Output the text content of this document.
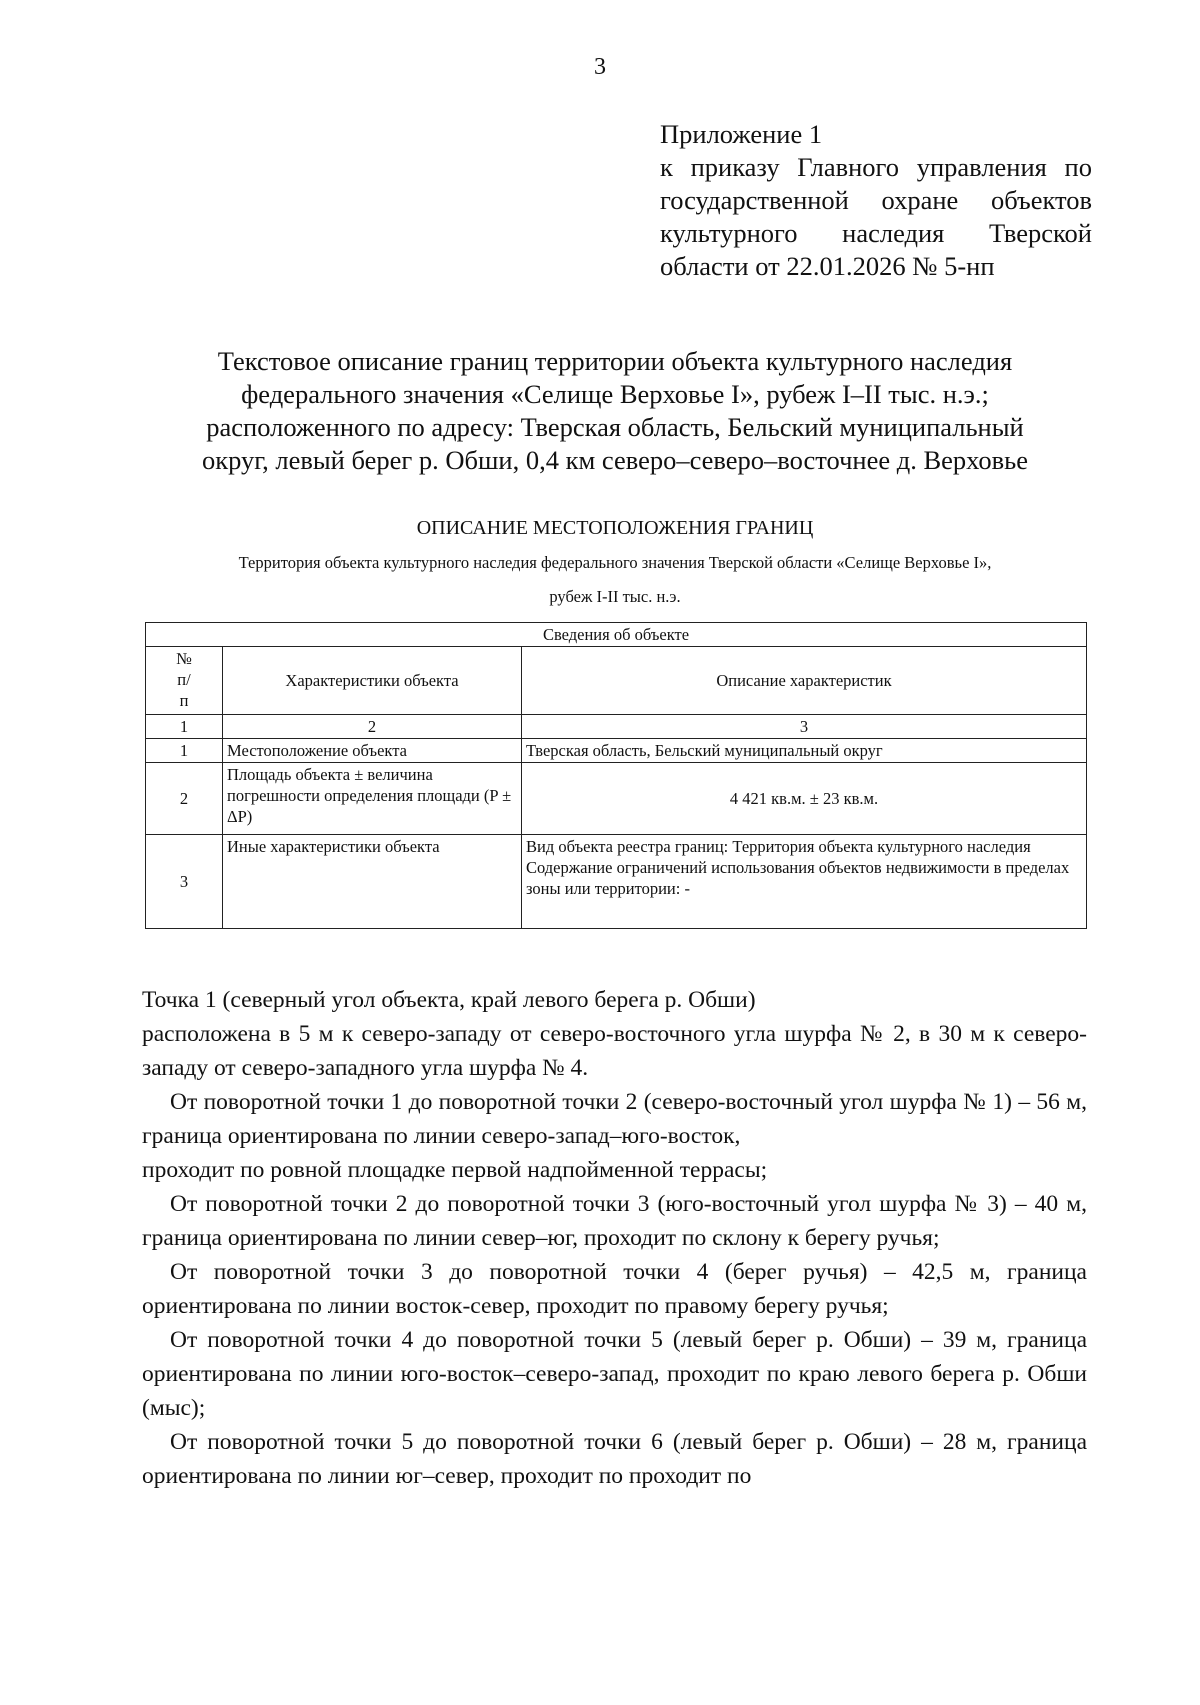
3
Приложение 1
к приказу Главного управления по государственной охране объектов культурного наследия Тверской области от 22.01.2026 № 5-нп
Текстовое описание границ территории объекта культурного наследия
федерального значения «Селище Верховье I», рубеж I–II тыс. н.э.;
расположенного по адресу: Тверская область, Бельский муниципальный
округ, левый берег р. Обши, 0,4 км северо–северо–восточнее д. Верховье
ОПИСАНИЕ МЕСТОПОЛОЖЕНИЯ ГРАНИЦ
Территория объекта культурного наследия федерального значения Тверской области «Селище Верховье I»,
рубеж I-II тыс. н.э.
Сведения об объекте		

№ п/ п	Характеристики объекта	Описание характеристик
1	2	3
1	Местоположение объекта	Тверская область, Бельский муниципальный округ
2	Площадь объекта ± величина погрешности определения площади (P ± ΔP)	4 421 кв.м. ± 23 кв.м.
3	Иные характеристики объекта	Вид объекта реестра границ: Территория объекта культурного наследия
Содержание ограничений использования объектов недвижимости в пределах зоны или территории: -

Точка 1 (северный угол объекта, край левого берега р. Обши)

расположена в 5 м к северо-западу от северо-восточного угла шурфа № 2, в 30 м к северо-западу от северо-западного угла шурфа № 4.

От поворотной точки 1 до поворотной точки 2 (северо-восточный угол шурфа № 1) – 56 м, граница ориентирована по линии северо-запад–юго-восток,

проходит по ровной площадке первой надпойменной террасы;

От поворотной точки 2 до поворотной точки 3 (юго-восточный угол шурфа № 3) – 40 м, граница ориентирована по линии север–юг, проходит по склону к берегу ручья;

От поворотной точки 3 до поворотной точки 4 (берег ручья) – 42,5 м, граница ориентирована по линии восток-север, проходит по правому берегу ручья;

От поворотной точки 4 до поворотной точки 5 (левый берег р. Обши) – 39 м, граница ориентирована по линии юго-восток–северо-запад, проходит по краю левого берега р. Обши (мыс);

От поворотной точки 5 до поворотной точки 6 (левый берег р. Обши) – 28 м, граница ориентирована по линии юг–север, проходит по проходит по
